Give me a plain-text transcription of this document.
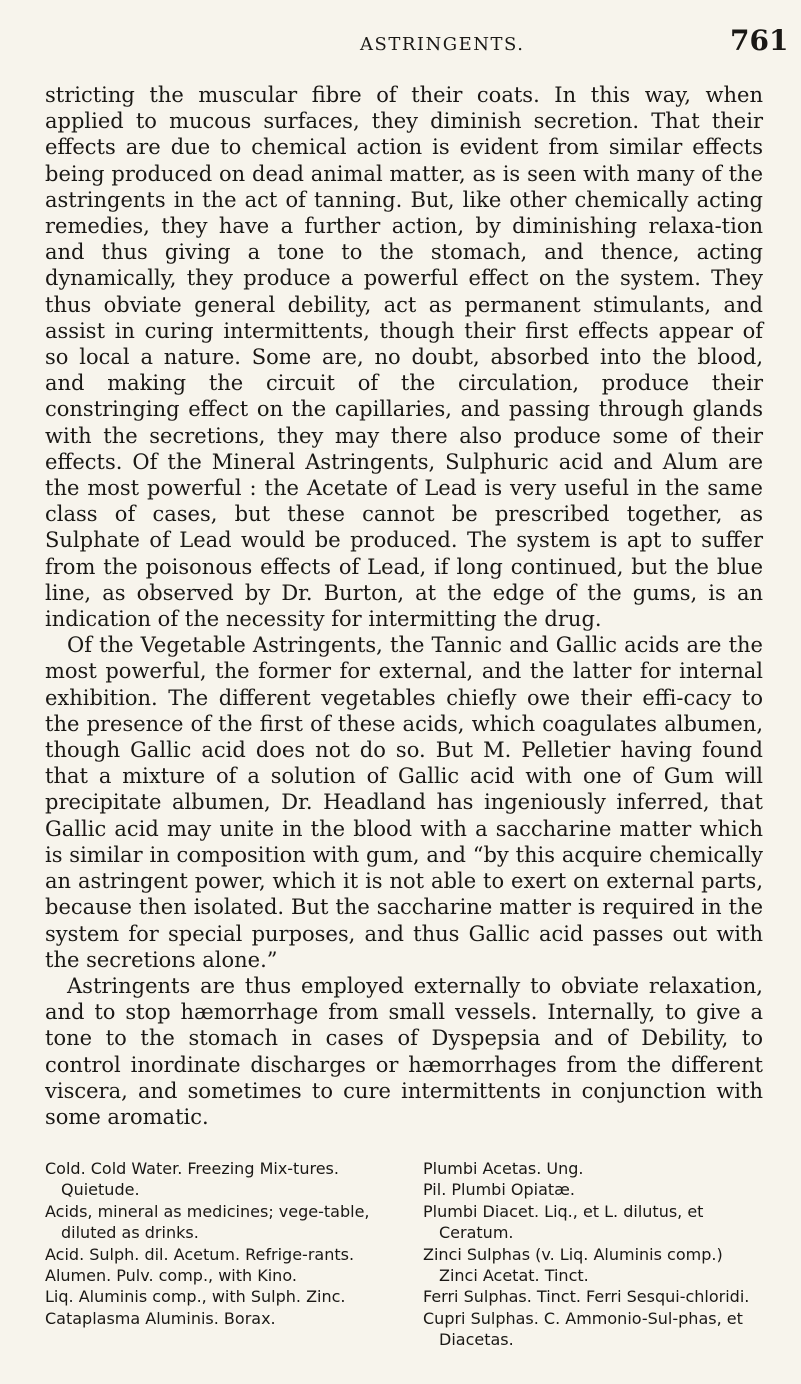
ASTRINGENTS.	761

stricting the muscular fibre of their coats. In this way, when applied to mucous surfaces, they diminish secretion. That their effects are due to chemical action is evident from similar effects being produced on dead animal matter, as is seen with many of the astringents in the act of tanning. But, like other chemically acting remedies, they have a further action, by diminishing relaxa-tion and thus giving a tone to the stomach, and thence, acting dynamically, they produce a powerful effect on the system. They thus obviate general debility, act as permanent stimulants, and assist in curing intermittents, though their first effects appear of so local a nature. Some are, no doubt, absorbed into the blood, and making the circuit of the circulation, produce their constringing effect on the capillaries, and passing through glands with the secretions, they may there also produce some of their effects. Of the Mineral Astringents, Sulphuric acid and Alum are the most powerful : the Acetate of Lead is very useful in the same class of cases, but these cannot be prescribed together, as Sulphate of Lead would be produced. The system is apt to suffer from the poisonous effects of Lead, if long continued, but the blue line, as observed by Dr. Burton, at the edge of the gums, is an indication of the necessity for intermitting the drug.

Of the Vegetable Astringents, the Tannic and Gallic acids are the most powerful, the former for external, and the latter for internal exhibition. The different vegetables chiefly owe their effi-cacy to the presence of the first of these acids, which coagulates albumen, though Gallic acid does not do so. But M. Pelletier having found that a mixture of a solution of Gallic acid with one of Gum will precipitate albumen, Dr. Headland has ingeniously inferred, that Gallic acid may unite in the blood with a saccharine matter which is similar in composition with gum, and “by this acquire chemically an astringent power, which it is not able to exert on external parts, because then isolated. But the saccharine matter is required in the system for special purposes, and thus Gallic acid passes out with the secretions alone.”

Astringents are thus employed externally to obviate relaxation, and to stop hæmorrhage from small vessels. Internally, to give a tone to the stomach in cases of Dyspepsia and of Debility, to control inordinate discharges or hæmorrhages from the different viscera, and sometimes to cure intermittents in conjunction with some aromatic.

Cold. Cold Water. Freezing Mix-tures. Quietude.

Acids, mineral as medicines; vege-table, diluted as drinks.

Acid. Sulph. dil. Acetum. Refrige-rants.

Alumen. Pulv. comp., with Kino.

Liq. Aluminis comp., with Sulph. Zinc.

Cataplasma Aluminis. Borax.

Plumbi Acetas. Ung.

Pil. Plumbi Opiatæ.

Plumbi Diacet. Liq., et L. dilutus, et Ceratum.

Zinci Sulphas (v. Liq. Aluminis comp.) Zinci Acetat. Tinct.

Ferri Sulphas. Tinct. Ferri Sesqui-chloridi.

Cupri Sulphas. C. Ammonio-Sul-phas, et Diacetas.
